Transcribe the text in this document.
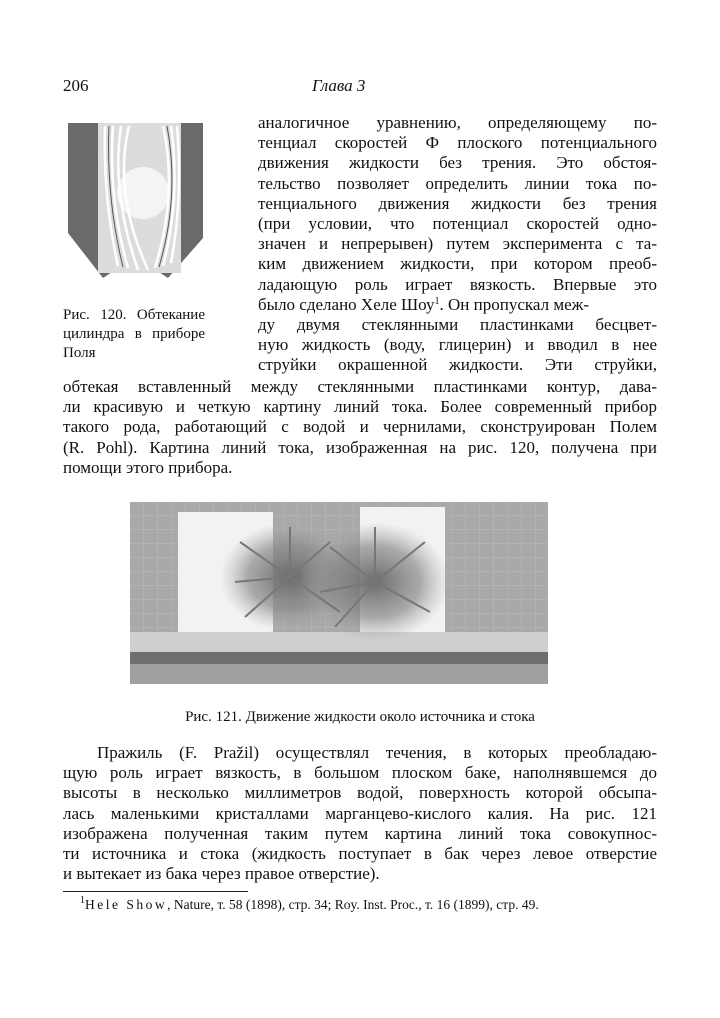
206	Глава 3
Рис. 120. Обтекание
цилиндра в приборе
Поля
аналогичное уравнению, определяющему по-
тенциал скоростей Ф плоского потенциального
движения жидкости без трения. Это обстоя-
тельство позволяет определить линии тока по-
тенциального движения жидкости без трения
(при условии, что потенциал скоростей одно-
значен и непрерывен) путем эксперимента с та-
ким движением жидкости, при котором преоб-
ладающую роль играет вязкость. Впервые это
было сделано Хеле Шоу$^1$. Он пропускал меж-
ду двумя стеклянными пластинками бесцвет-
ную жидкость (воду, глицерин) и вводил в нее
струйки окрашенной жидкости. Эти струйки,
обтекая вставленный между стеклянными пластинками контур, дава-
ли красивую и четкую картину линий тока. Более современный прибор
такого рода, работающий с водой и чернилами, сконструирован Полем
(R. Pohl). Картина линий тока, изображенная на рис. 120, получена при
помощи этого прибора.
Рис. 121. Движение жидкости около источника и стока
Пражиль (F. Pražil) осуществлял течения, в которых преобладаю-
щую роль играет вязкость, в большом плоском баке, наполнявшемся до
высоты в несколько миллиметров водой, поверхность которой обсыпа-
лась маленькими кристаллами марганцево-кислого калия. На рис. 121
изображена полученная таким путем картина линий тока совокупнос-
ти источника и стока (жидкость поступает в бак через левое отверстие
и вытекает из бака через правое отверстие).
$^1$Hele Show, Nature, т. 58 (1898), стр. 34; Roy. Inst. Proc., т. 16 (1899), стр. 49.
